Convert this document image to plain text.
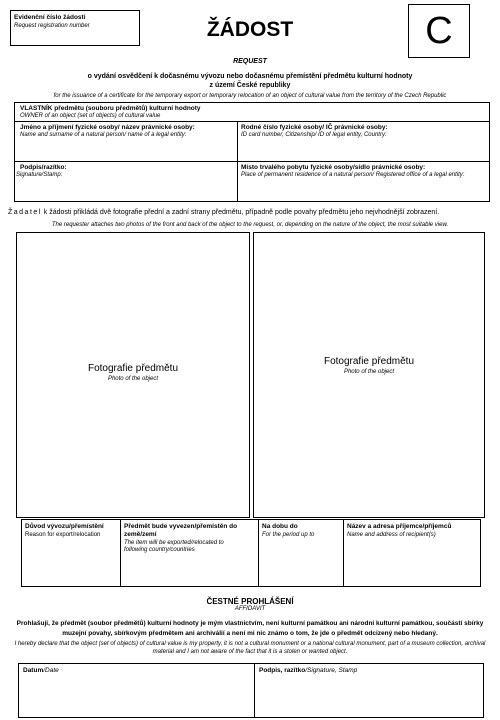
Evidenční číslo žádosti
Request registration number	ŽÁDOST	C
REQUEST
o vydání osvědčení k dočasnému vývozu nebo dočasnému přemístění předmětu kulturní hodnoty
z území České republiky
for the issuance of a certificate for the temporary export or temporary relocation of an object of cultural value from the territory of the Czech Republic
VLASTNÍK předmětu (souboru předmětů) kulturní hodnoty
OWNER of an object (set of objects) of cultural value
Jméno a příjmení fyzické osoby/ název právnické osoby:
Name and surname of a natural person/ name of a legal entity:
Rodné číslo fyzické osoby/ IČ právnické osoby:
ID card number, Citizenship/ ID of legal entity, Country:
Podpis/razítko:
Signature/Stamp:
Místo trvalého pobytu fyzické osoby/sídlo právnické osoby:
Place of permanent residence of a natural person/ Registered office of a legal entity:
Žadatel k žádosti přikládá dvě fotografie přední a zadní strany předmětu, případně podle povahy předmětu jeho nejvhodnější zobrazení.
The requester attaches two photos of the front and back of the object to the request, or, depending on the nature of the object, the most suitable view.
Fotografie předmětu
Photo of the object
Fotografie předmětu
Photo of the object
Důvod vývozu/přemístění
Reason for export/relocation
Předmět bude vyvezen/přemístěn do země/zemí
The item will be exported/relocated to following country/countries
Na dobu do
For the period up to
Název a adresa příjemce/příjemců
Name and address of recipient(s)
ČESTNÉ PROHLÁŠENÍ
AFFIDAVIT
Prohlašuji, že předmět (soubor předmětů) kulturní hodnoty je mým vlastnictvím, není kulturní památkou ani národní kulturní památkou, součástí sbírky muzejní povahy, sbírkovým předmětem ani archiválií a není mi nic známo o tom, že jde o předmět odcizený nebo hledaný.
I hereby declare that the object (set of objects) of cultural value is my property, it is not a cultural monument or a national cultural monument, part of a museum collection, archival material and I am not aware of the fact that it is a stolen or wanted object.
Datum/Date	Podpis, razítko/Signature, Stamp
